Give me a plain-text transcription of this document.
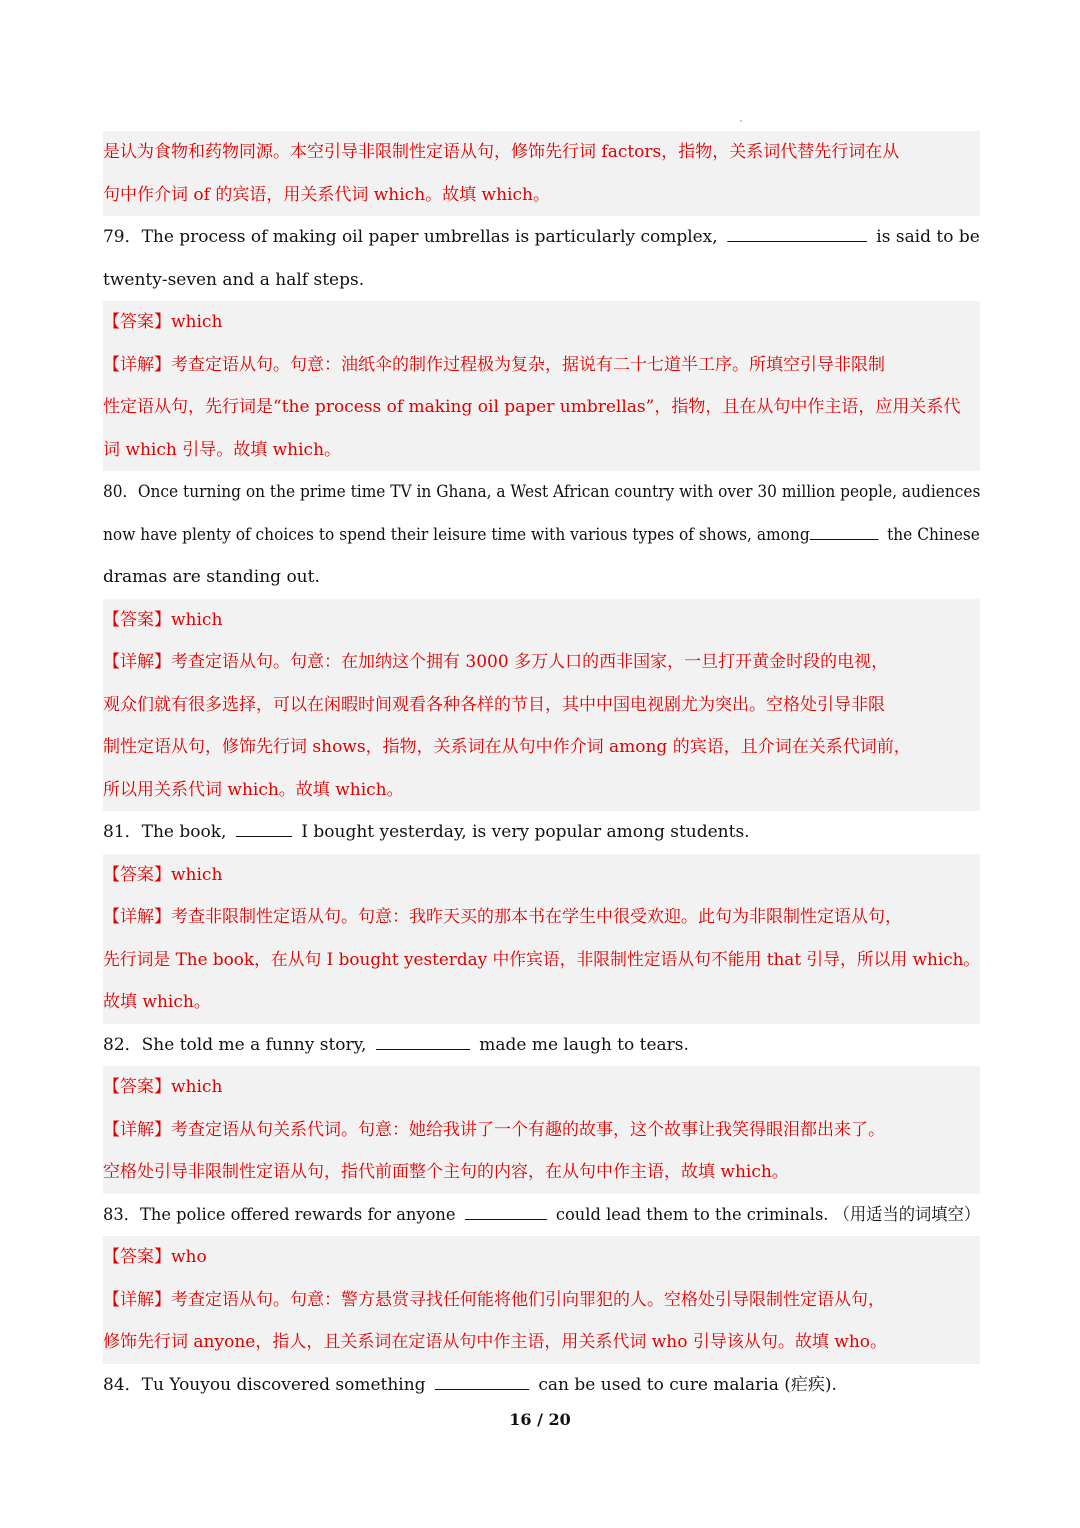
是认为食物和药物同源。本空引导非限制性定语从句，修饰先行词 factors，指物，关系词代替先行词在从
句中作介词 of 的宾语，用关系代词 which。故填 which。
79．The process of making oil paper umbrellas is particularly complex,	is said to be
twenty-seven and a half steps.
【答案】which
【详解】考查定语从句。句意：油纸伞的制作过程极为复杂，据说有二十七道半工序。所填空引导非限制
性定语从句，先行词是“the process of making oil paper umbrellas”，指物，且在从句中作主语，应用关系代
词 which 引导。故填 which。
80．Once turning on the prime time TV in Ghana, a West African country with over 30 million people, audiences
now have plenty of choices to spend their leisure time with various types of shows, among	the Chinese
dramas are standing out.
【答案】which
【详解】考查定语从句。句意：在加纳这个拥有 3000 多万人口的西非国家，一旦打开黄金时段的电视，
观众们就有很多选择，可以在闲暇时间观看各种各样的节目，其中中国电视剧尤为突出。空格处引导非限
制性定语从句，修饰先行词 shows，指物，关系词在从句中作介词 among 的宾语，且介词在关系代词前，
所以用关系代词 which。故填 which。
81．The book,	I bought yesterday, is very popular among students.
【答案】which
【详解】考查非限制性定语从句。句意：我昨天买的那本书在学生中很受欢迎。此句为非限制性定语从句，
先行词是 The book，在从句 I bought yesterday 中作宾语，非限制性定语从句不能用 that 引导，所以用 which。
故填 which。
82．She told me a funny story,	made me laugh to tears.
【答案】which
【详解】考查定语从句关系代词。句意：她给我讲了一个有趣的故事，这个故事让我笑得眼泪都出来了。
空格处引导非限制性定语从句，指代前面整个主句的内容，在从句中作主语，故填 which。
83．The police offered rewards for anyone	could lead them to the criminals. （用适当的词填空）
【答案】who
【详解】考查定语从句。句意：警方悬赏寻找任何能将他们引向罪犯的人。空格处引导限制性定语从句，
修饰先行词 anyone，指人，且关系词在定语从句中作主语，用关系代词 who 引导该从句。故填 who。
84．Tu Youyou discovered something	can be used to cure malaria (疟疾).
16 / 20
